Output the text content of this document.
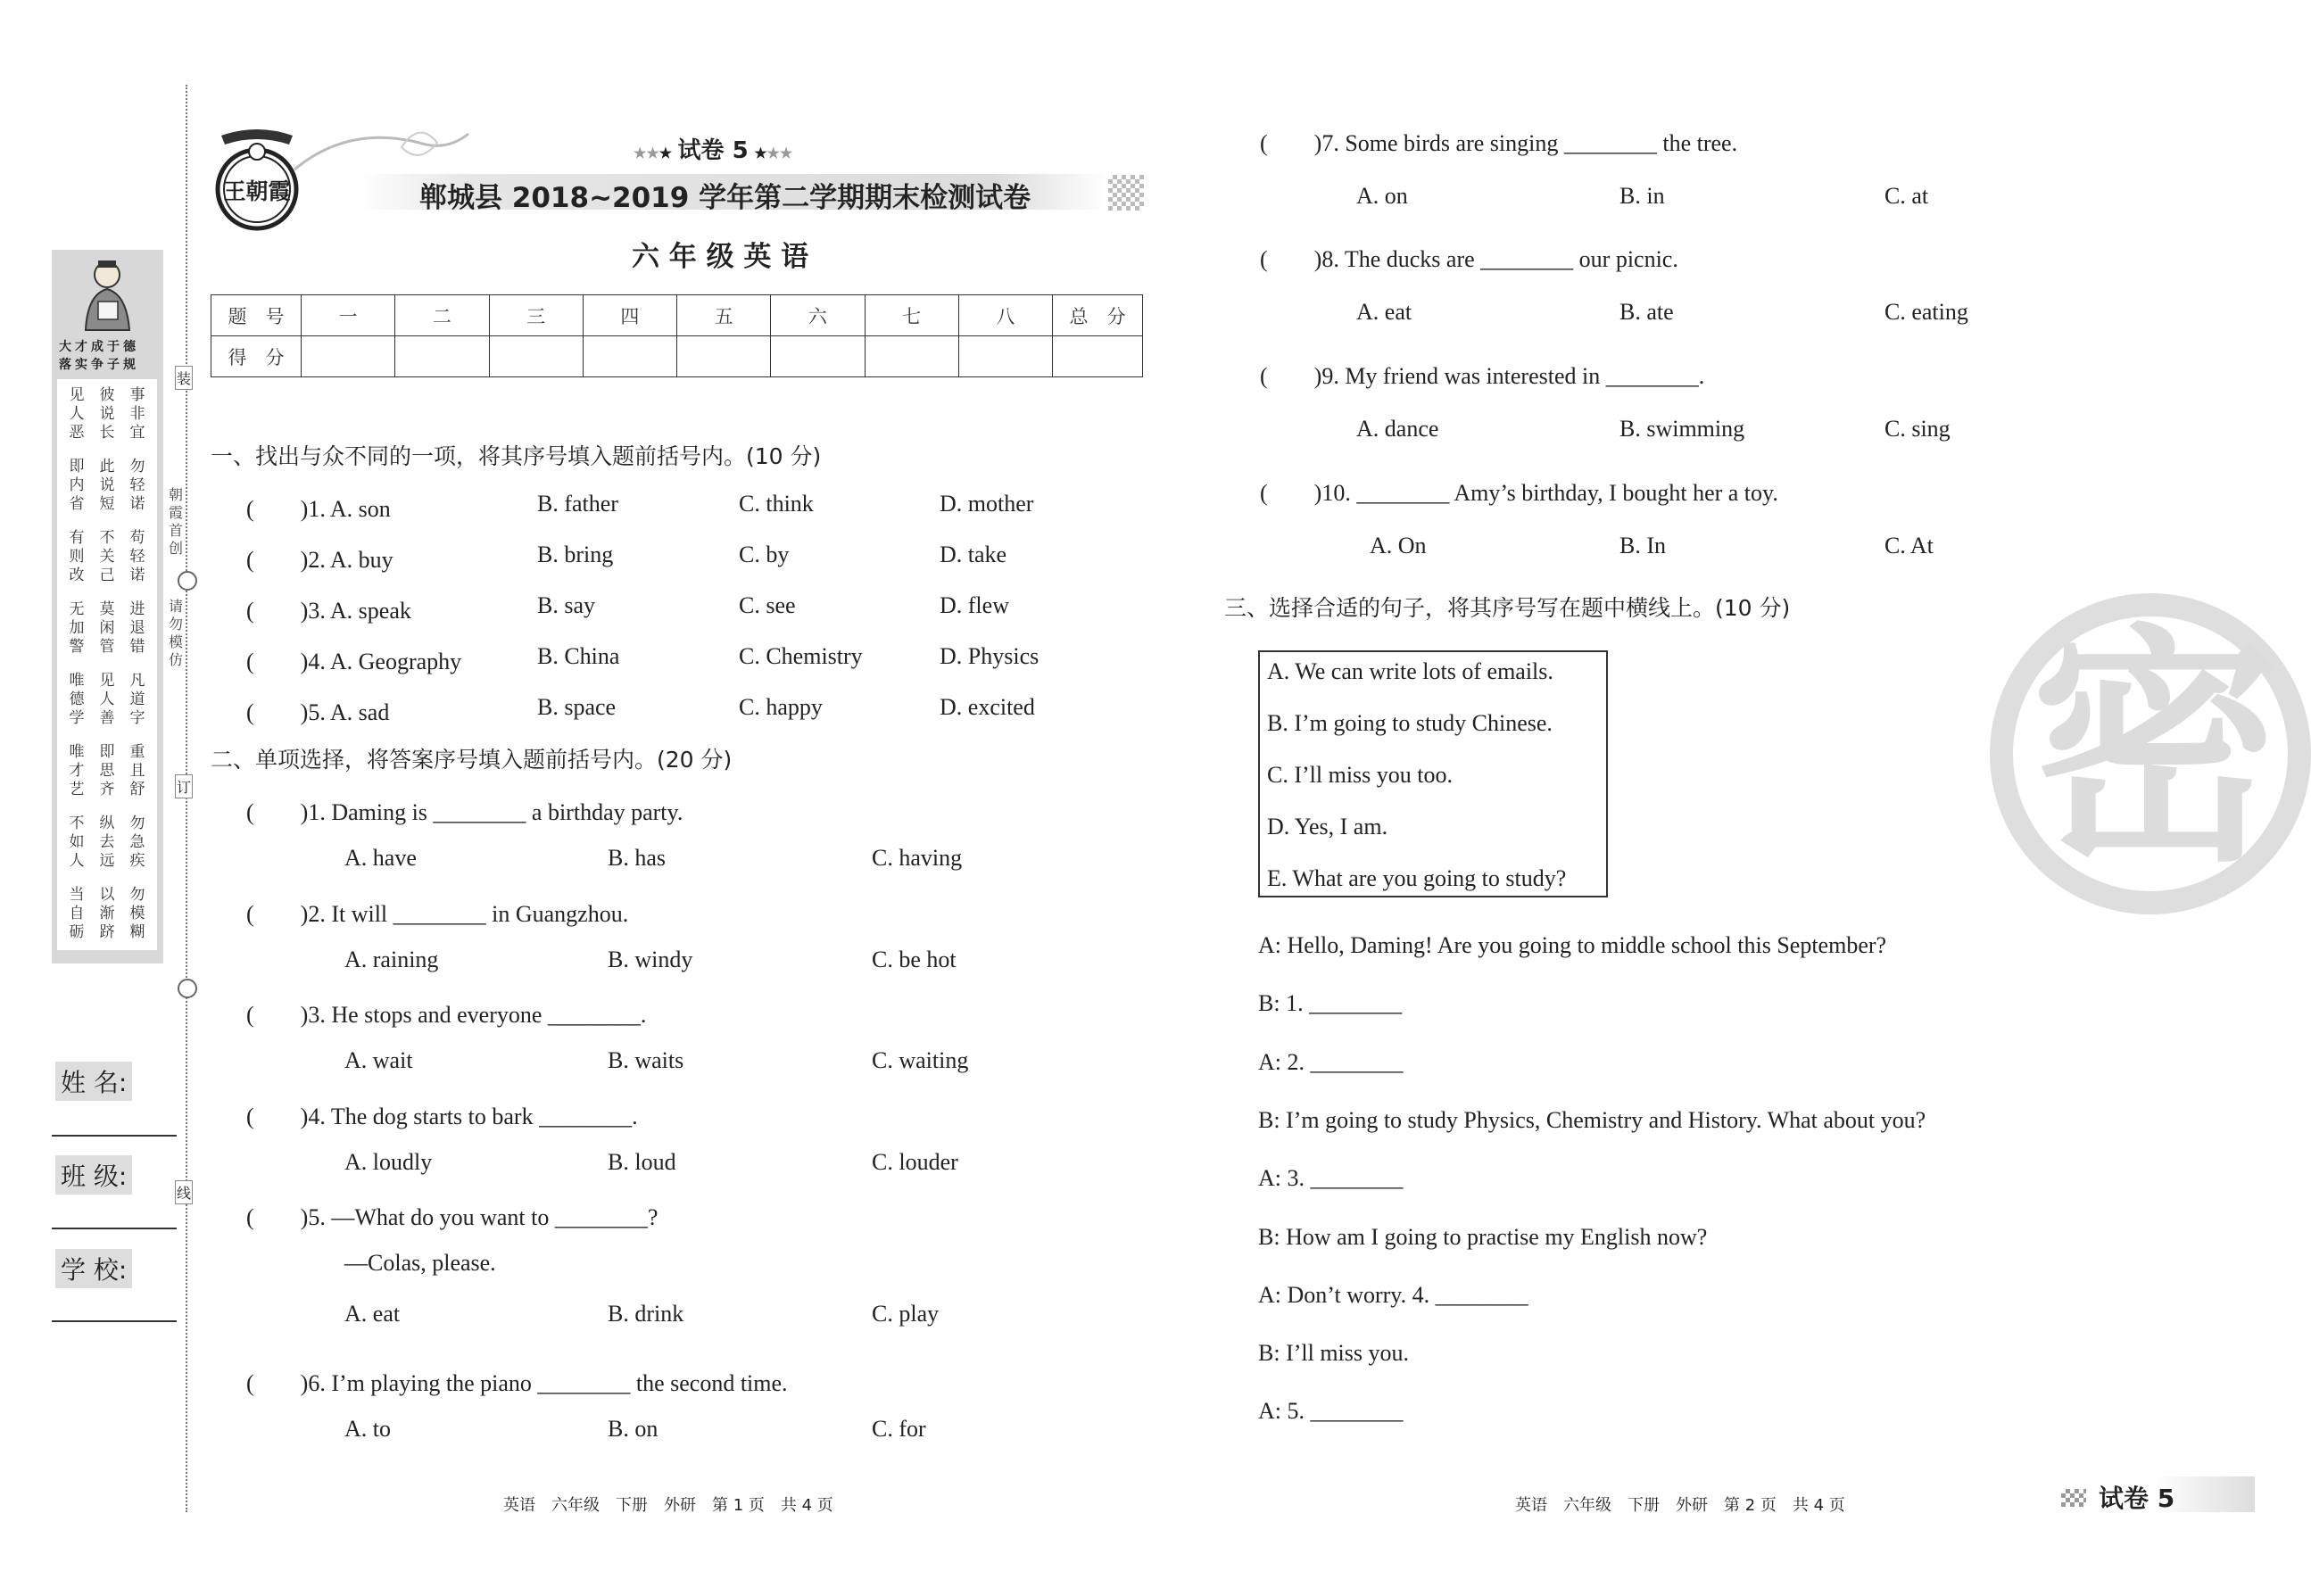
装
订
线
朝霞首创
请勿模仿
大才成于德
落实争子规
见人恶
彼说长
事非宜
即内省
此说短
勿轻诺
有则改
不关己
苟轻诺
无加警
莫闲管
进退错
唯德学
见人善
凡道字
唯才艺
即思齐
重且舒
不如人
纵去远
勿急疾
当自砺
以渐跻
勿模糊
姓 名:
班 级:
学 校:
王朝霞
★★★ 试卷 5 ★★★
郸城县 2018~2019 学年第二学期期末检测试卷
六 年 级 英 语
题　号	一	二	三	四	五	六	七	八	总　分
得　分									
一、找出与众不同的一项，将其序号填入题前括号内。(10 分)
(　　)1. A. son	B. father	C. think	D. mother
(　　)2. A. buy	B. bring	C. by	D. take
(　　)3. A. speak	B. say	C. see	D. flew
(　　)4. A. Geography	B. China	C. Chemistry	D. Physics
(　　)5. A. sad	B. space	C. happy	D. excited
二、单项选择，将答案序号填入题前括号内。(20 分)
(　　)1. Daming is ________ a birthday party.
A. have	B. has	C. having
(　　)2. It will ________ in Guangzhou.
A. raining	B. windy	C. be hot
(　　)3. He stops and everyone ________.
A. wait	B. waits	C. waiting
(　　)4. The dog starts to bark ________.
A. loudly	B. loud	C. louder
(　　)5. —What do you want to ________?
—Colas, please.
A. eat	B. drink	C. play
(　　)6. I’m playing the piano ________ the second time.
A. to	B. on	C. for
(　　)7. Some birds are singing ________ the tree.
A. on	B. in	C. at
(　　)8. The ducks are ________ our picnic.
A. eat	B. ate	C. eating
(　　)9. My friend was interested in ________.
A. dance	B. swimming	C. sing
(　　)10. ________ Amy’s birthday, I bought her a toy.
A. On	B. In	C. At
三、选择合适的句子，将其序号写在题中横线上。(10 分)
A. We can write lots of emails.
B. I’m going to study Chinese.
C. I’ll miss you too.
D. Yes, I am.
E. What are you going to study?
A: Hello, Daming! Are you going to middle school this September?
B: 1. ________
A: 2. ________
B: I’m going to study Physics, Chemistry and History. What about you?
A: 3. ________
B: How am I going to practise my English now?
A: Don’t worry. 4. ________
B: I’ll miss you.
A: 5. ________
密
英语　六年级　下册　外研　第 1 页　共 4 页	英语　六年级　下册　外研　第 2 页　共 4 页	试卷 5
